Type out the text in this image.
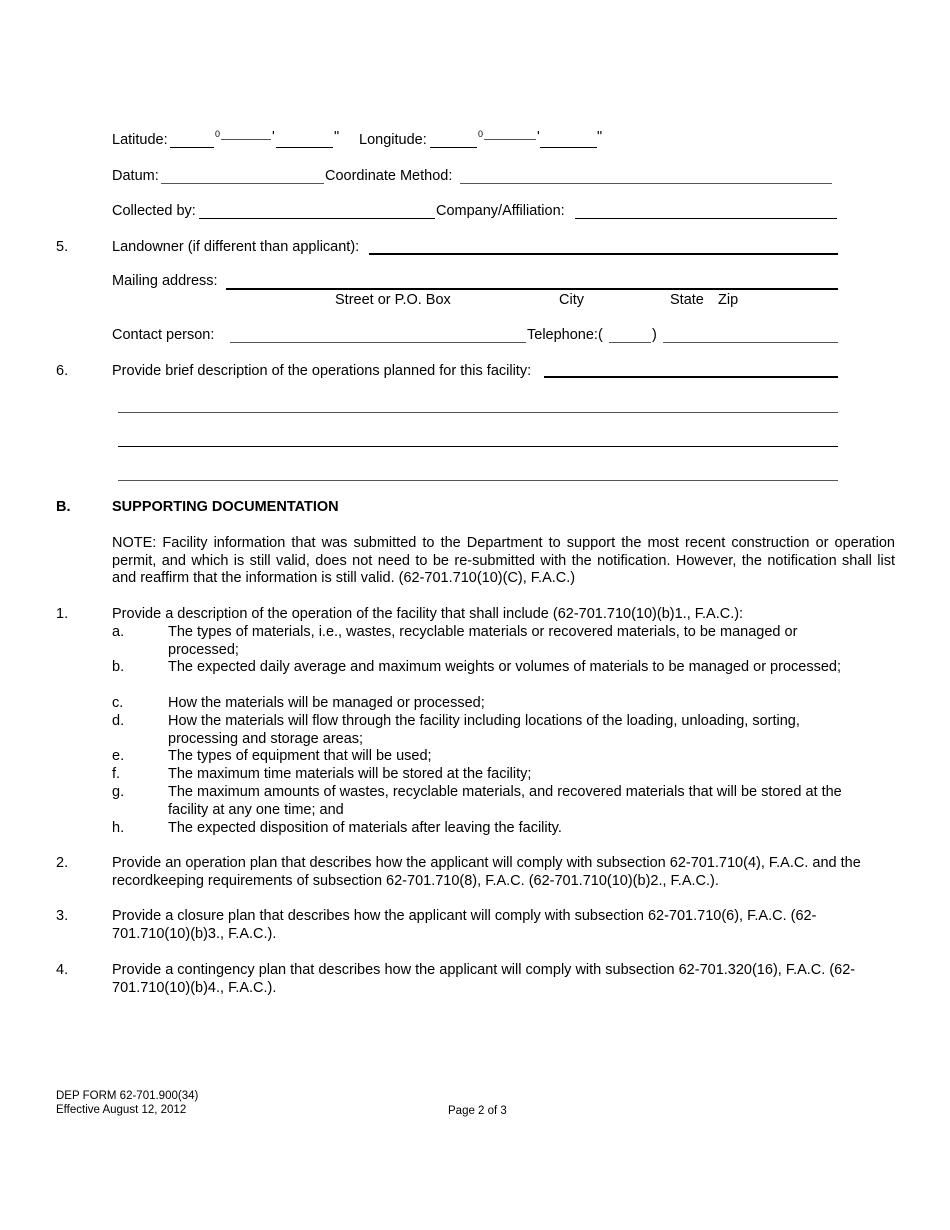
Latitude:	0	'	" Longitude:	0	'	"
Datum:	Coordinate Method:
Collected by:	Company/Affiliation:
5.	Landowner (if different than applicant):
Mailing address:
Street or P.O. Box	City	State Zip
Contact person:	Telephone:(	)
6.	Provide brief description of the operations planned for this facility:
B.	SUPPORTING DOCUMENTATION
NOTE: Facility information that was submitted to the Department to support the most recent construction or operation permit, and which is still valid, does not need to be re-submitted with the notification. However, the notification shall list and reaffirm that the information is still valid. (62-701.710(10)(C), F.A.C.)
1.	Provide a description of the operation of the facility that shall include (62-701.710(10)(b)1., F.A.C.):
a.	The types of materials, i.e., wastes, recyclable materials or recovered materials, to be managed or processed;
b.	The expected daily average and maximum weights or volumes of materials to be managed or processed;
c.	How the materials will be managed or processed;
d.	How the materials will flow through the facility including locations of the loading, unloading, sorting, processing and storage areas;
e.	The types of equipment that will be used;
f.	The maximum time materials will be stored at the facility;
g.	The maximum amounts of wastes, recyclable materials, and recovered materials that will be stored at the facility at any one time; and
h.	The expected disposition of materials after leaving the facility.
2.	Provide an operation plan that describes how the applicant will comply with subsection 62-701.710(4), F.A.C. and the recordkeeping requirements of subsection 62-701.710(8), F.A.C. (62-701.710(10)(b)2., F.A.C.).
3.	Provide a closure plan that describes how the applicant will comply with subsection 62-701.710(6), F.A.C. (62-701.710(10)(b)3., F.A.C.).
4.	Provide a contingency plan that describes how the applicant will comply with subsection 62-701.320(16), F.A.C. (62-701.710(10)(b)4., F.A.C.).
DEP FORM 62-701.900(34)
Effective August 12, 2012	Page 2 of 3
